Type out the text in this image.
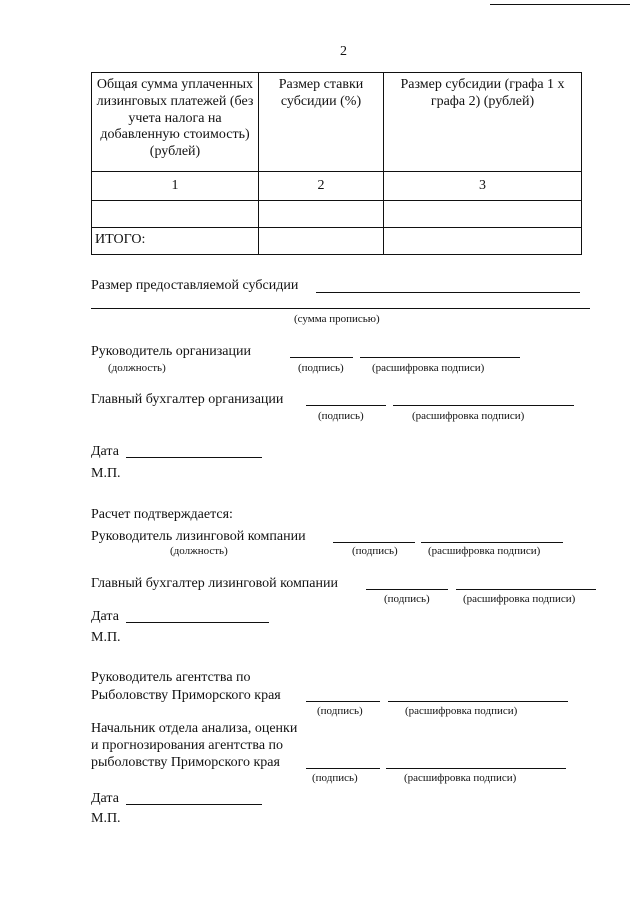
2
Общая сумма уплаченных лизинговых платежей (без учета налога на добавленную стоимость) (рублей)	Размер ставки субсидии (%)	Размер субсидии (графа 1 х графа 2) (рублей)
1	2	3

ИТОГО:		
Размер предоставляемой субсидии
(сумма прописью)
Руководитель организации
(должность)	(подпись)	(расшифровка подписи)
Главный бухгалтер организации
(подпись)	(расшифровка подписи)
Дата
М.П.
Расчет подтверждается:
Руководитель лизинговой компании
(должность)	(подпись)	(расшифровка подписи)
Главный бухгалтер лизинговой компании
(подпись)	(расшифровка подписи)
Дата
М.П.
Руководитель агентства по
Рыболовству Приморского края
(подпись)	(расшифровка подписи)
Начальник отдела анализа, оценки
и прогнозирования агентства по
рыболовству Приморского края
(подпись)	(расшифровка подписи)
Дата
М.П.
